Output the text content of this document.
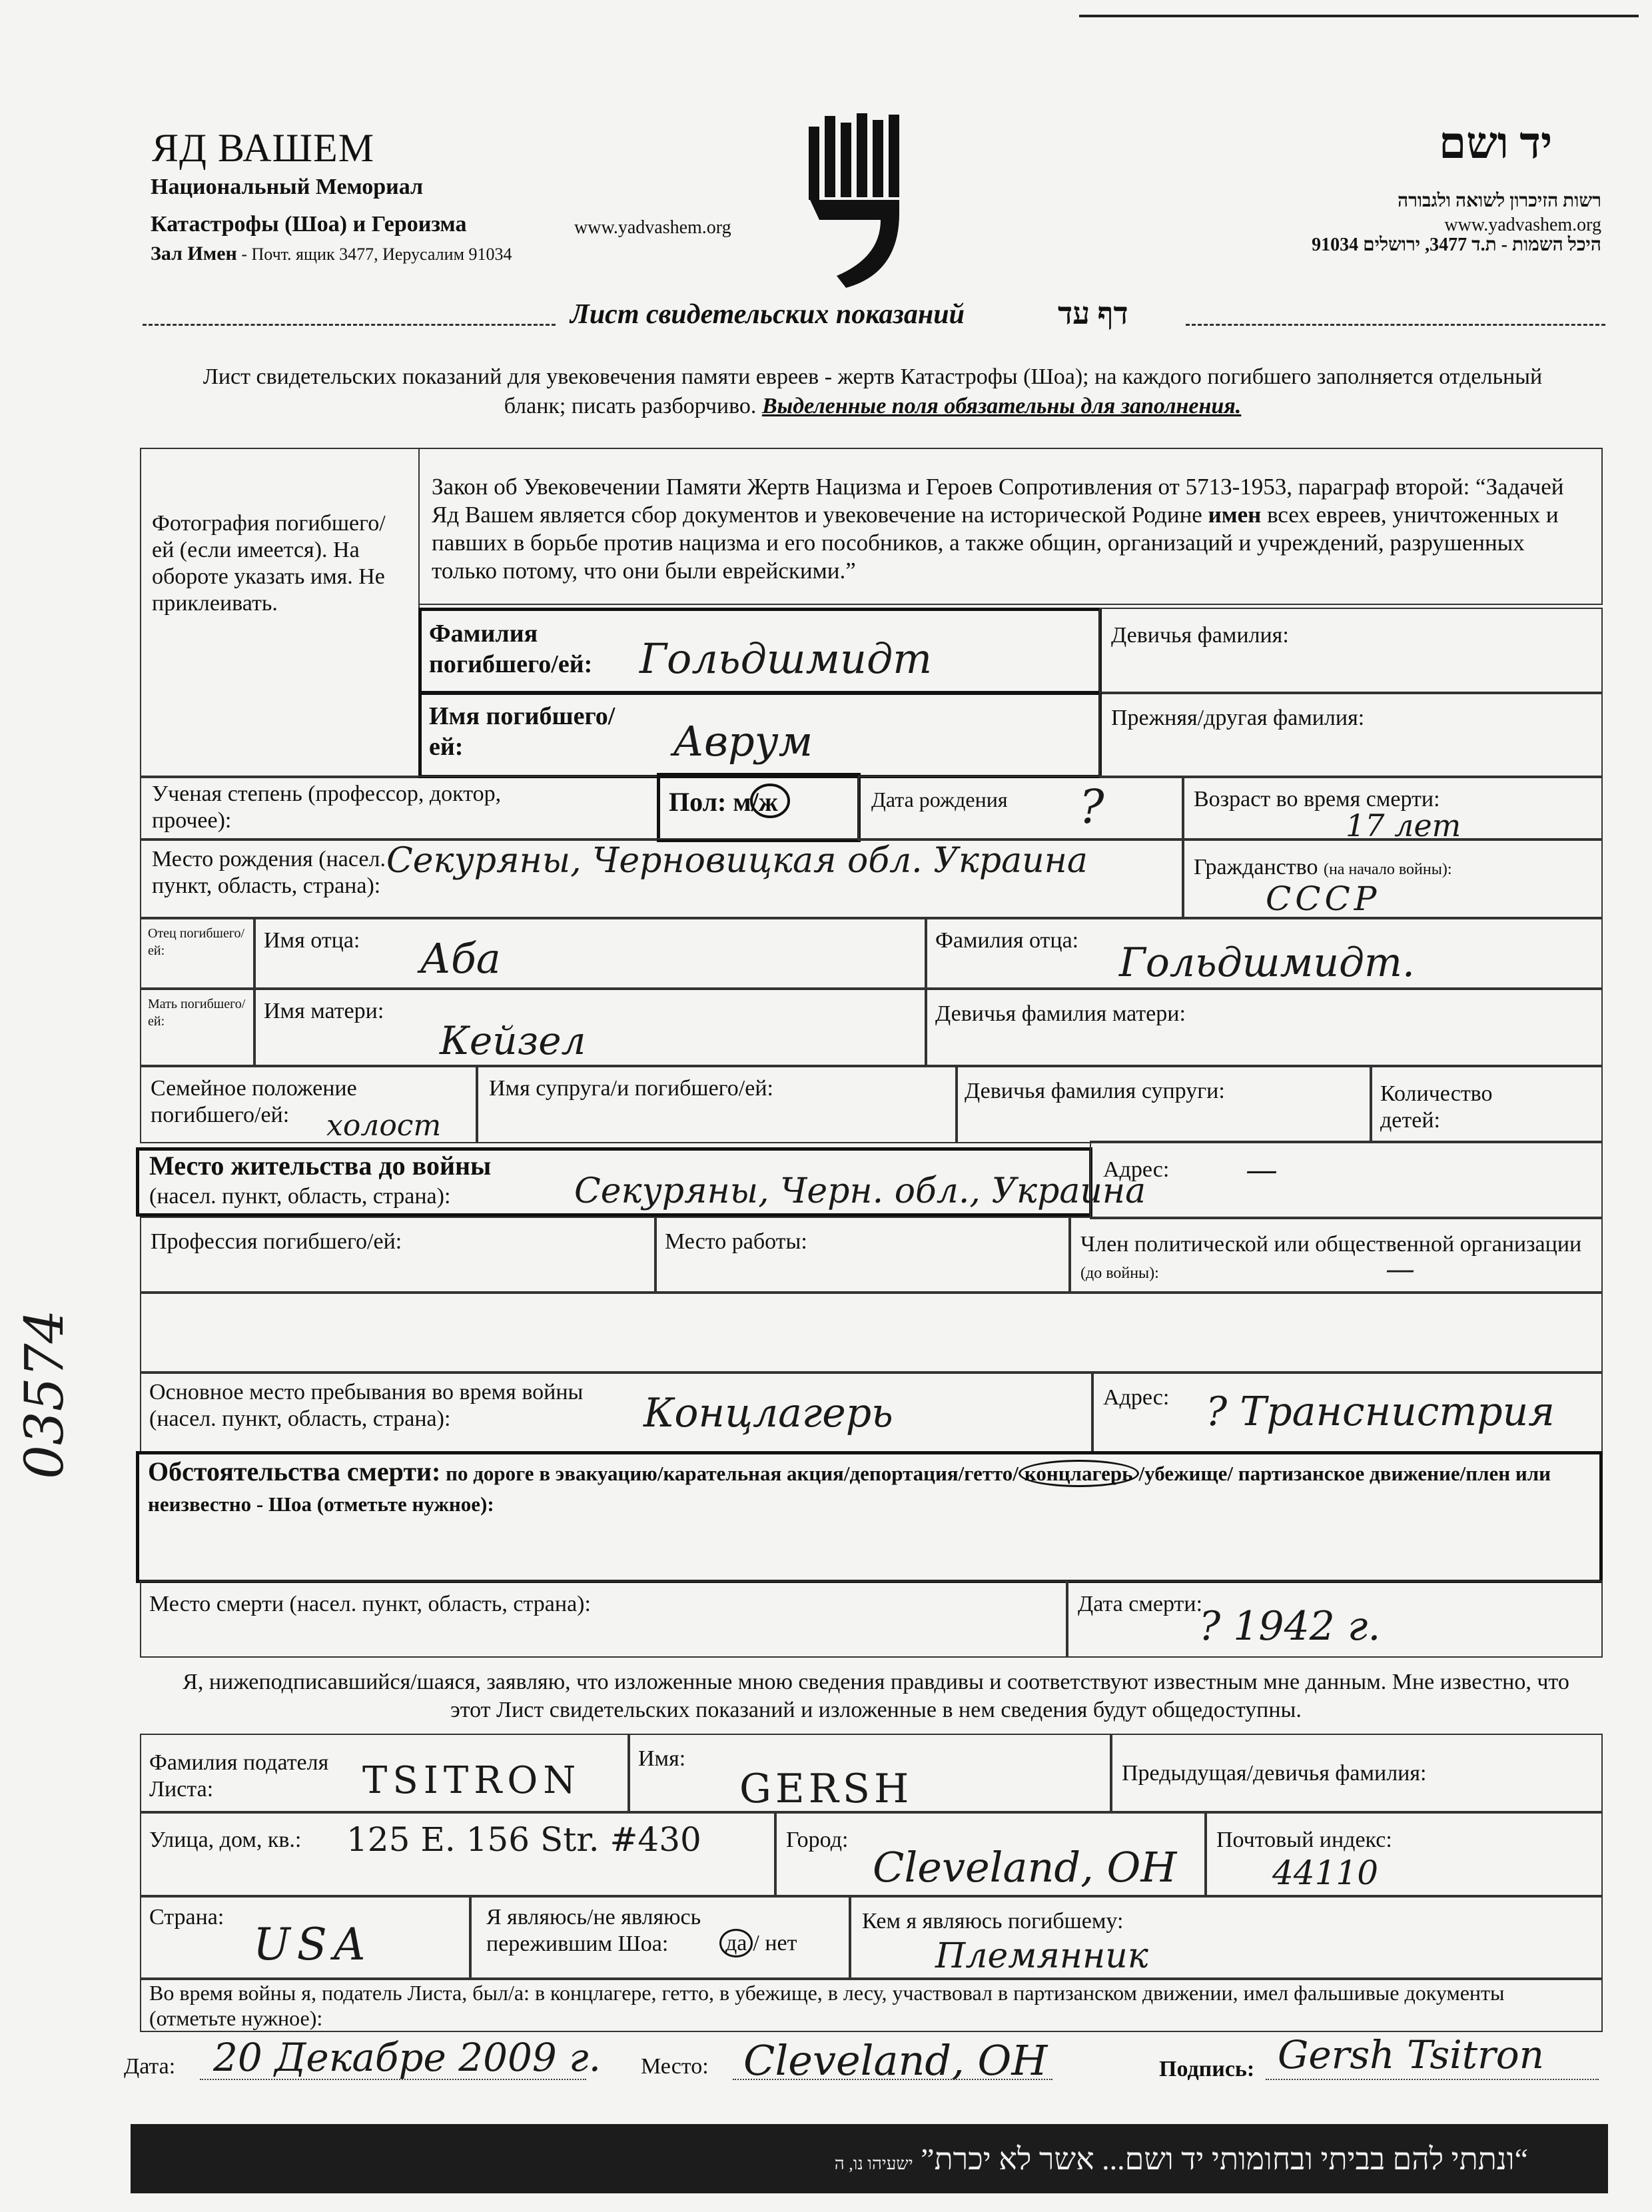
ЯД ВАШЕМ
Национальный Мемориал
Катастрофы (Шоа) и Героизма	www.yadvashem.org
Зал Имен - Почт. ящик 3477, Иерусалим 91034
יד ושם
רשות הזיכרון לשואה ולגבורה
www.yadvashem.org
היכל השמות - ת.ד 3477, ירושלים 91034
Лист свидетельских показаний	דף עד
Лист свидетельских показаний для увековечения памяти евреев - жертв Катастрофы (Шоа); на каждого погибшего заполняется отдельный бланк; писать разборчиво. Выделенные поля обязательны для заполнения.
Фотография погибшего/ей (если имеется). На обороте указать имя. Не приклеивать.
Закон об Увековечении Памяти Жертв Нацизма и Героев Сопротивления от 5713-1953, параграф второй: “Задачей Яд Вашем является сбор документов и увековечение на исторической Родине имен всех евреев, уничтоженных и павших в борьбе против нацизма и его пособников, а также общин, организаций и учреждений, разрушенных только потому, что они были еврейскими.”
Фамилия погибшего/ей:	Гольдшмидт	Девичья фамилия:
Имя погибшего/ей:	Аврум	Прежняя/другая фамилия:
Ученая степень (профессор, доктор, прочее):
Пол: м/ж	Дата рождения ?	Возраст во время смерти:
17 лет
Место рождения (насел. пункт, область, страна):
Секуряны, Черновицкая обл. Украина	Гражданство (на начало войны):
СССР
Отец погибшего/ей:	Имя отца: Аба	Фамилия отца: Гольдшмидт.
Мать погибшего/ей:	Имя матери:
Кейзел
Девичья фамилия матери:
Семейное положение погибшего/ей:	холост
Имя супруга/и погибшего/ей:	Девичья фамилия супруги:	Количество детей:
Место жительства до войны
(насел. пункт, область, страна):	Секуряны, Черн. обл., Украина
Адрес: —
Профессия погибшего/ей:	Место работы:	Член политической или общественной организации
(до войны):	—
Основное место пребывания во время войны (насел. пункт, область, страна):	Концлагерь	Адрес: ? Транснистрия
Обстоятельства смерти: по дороге в эвакуацию/карательная акция/депортация/гетто/ концлагерь /убежище/ партизанское движение/плен или неизвестно - Шоа (отметьте нужное):
Место смерти (насел. пункт, область, страна):	Дата смерти:
? 1942 г.
Я, нижеподписавшийся/шаяся, заявляю, что изложенные мною сведения правдивы и соответствуют известным мне данным. Мне известно, что этот Лист свидетельских показаний и изложенные в нем сведения будут общедоступны.
Фамилия подателя Листа:	TSITRON
Имя:
GERSH	Предыдущая/девичья фамилия:
Улица, дом, кв.: 125 E. 156 Str. #430	Город:
Cleveland, OH
Почтовый индекс:
44110
Страна:
USA
Я являюсь/не являюсь пережившим Шоа:	да / нет
Кем я являюсь погибшему:
Племянник
Во время войны я, податель Листа, был/а: в концлагере, гетто, в убежище, в лесу, участвовал в партизанском движении, имел фальшивые документы (отметьте нужное):
Дата: 20 Декабре 2009 г. Место: Cleveland, OH	Подпись: Gersh Tsitron
“ונתתי להם בביתי ובחומותי יד ושם... אשר לא יכרת” ישעיהו נו, ה
03574
